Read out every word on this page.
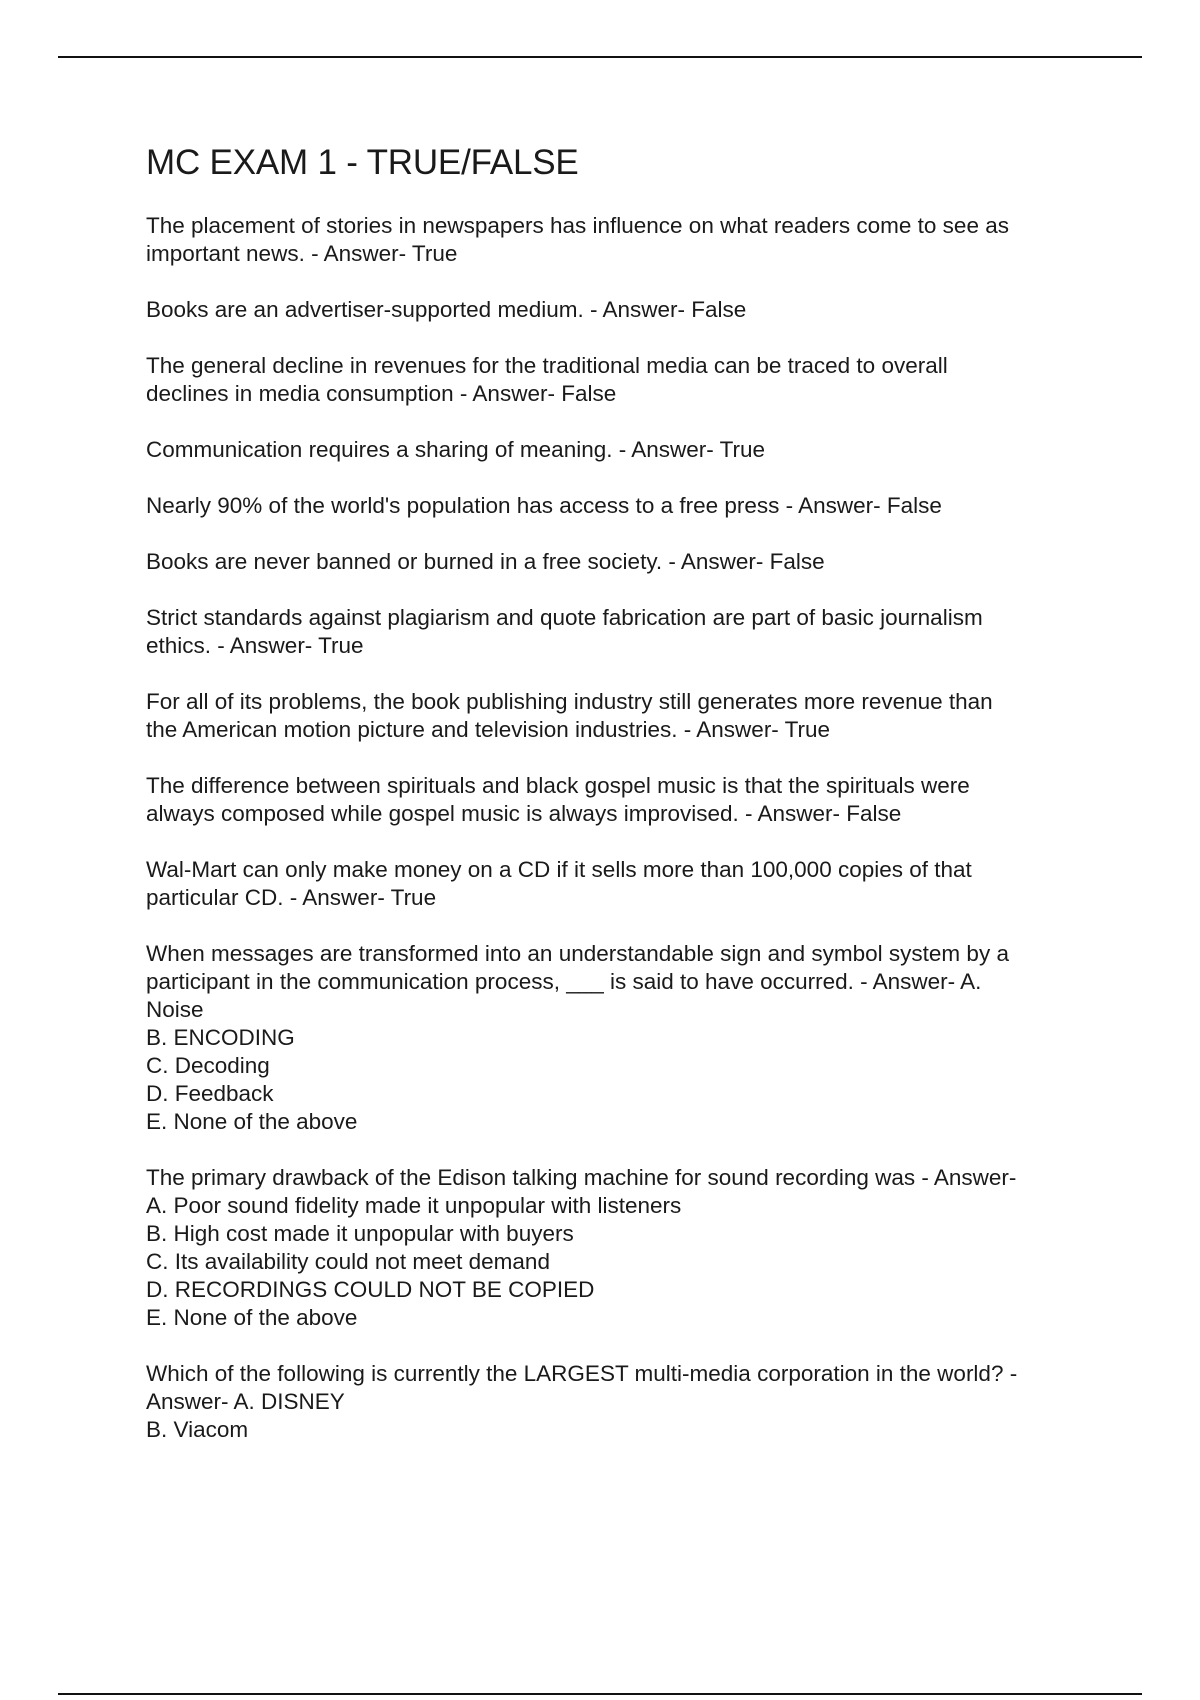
MC EXAM 1 - TRUE/FALSE
The placement of stories in newspapers has influence on what readers come to see as
important news. - Answer- True
Books are an advertiser-supported medium. - Answer- False
The general decline in revenues for the traditional media can be traced to overall
declines in media consumption - Answer- False
Communication requires a sharing of meaning. - Answer- True
Nearly 90% of the world's population has access to a free press - Answer- False
Books are never banned or burned in a free society. - Answer- False
Strict standards against plagiarism and quote fabrication are part of basic journalism
ethics. - Answer- True
For all of its problems, the book publishing industry still generates more revenue than
the American motion picture and television industries. - Answer- True
The difference between spirituals and black gospel music is that the spirituals were
always composed while gospel music is always improvised. - Answer- False
Wal-Mart can only make money on a CD if it sells more than 100,000 copies of that
particular CD. - Answer- True
When messages are transformed into an understandable sign and symbol system by a
participant in the communication process, ___ is said to have occurred. - Answer- A.
Noise
B. ENCODING
C. Decoding
D. Feedback
E. None of the above
The primary drawback of the Edison talking machine for sound recording was - Answer-
A. Poor sound fidelity made it unpopular with listeners
B. High cost made it unpopular with buyers
C. Its availability could not meet demand
D. RECORDINGS COULD NOT BE COPIED
E. None of the above
Which of the following is currently the LARGEST multi-media corporation in the world? -
Answer- A. DISNEY
B. Viacom
